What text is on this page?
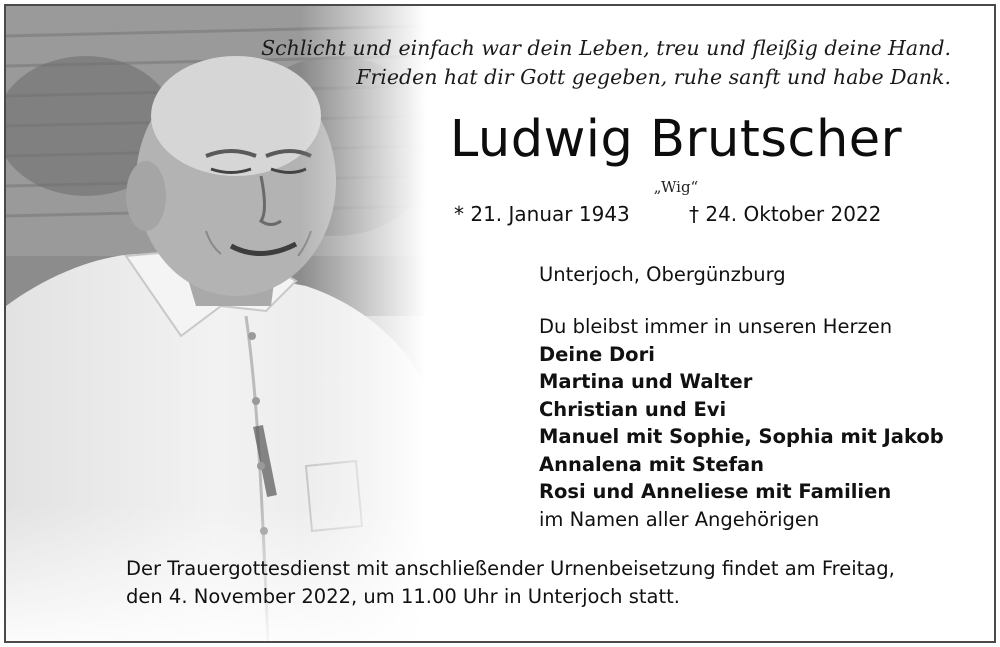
Schlicht und einfach war dein Leben, treu und fleißig deine Hand.
Frieden hat dir Gott gegeben, ruhe sanft und habe Dank.
Ludwig Brutscher
„Wig“
* 21. Januar 1943	† 24. Oktober 2022
Unterjoch, Obergünzburg
Du bleibst immer in unseren Herzen
Deine Dori
Martina und Walter
Christian und Evi
Manuel mit Sophie, Sophia mit Jakob
Annalena mit Stefan
Rosi und Anneliese mit Familien
im Namen aller Angehörigen
Der Trauergottesdienst mit anschließender Urnenbeisetzung findet am Freitag,
den 4. November 2022, um 11.00 Uhr in Unterjoch statt.
